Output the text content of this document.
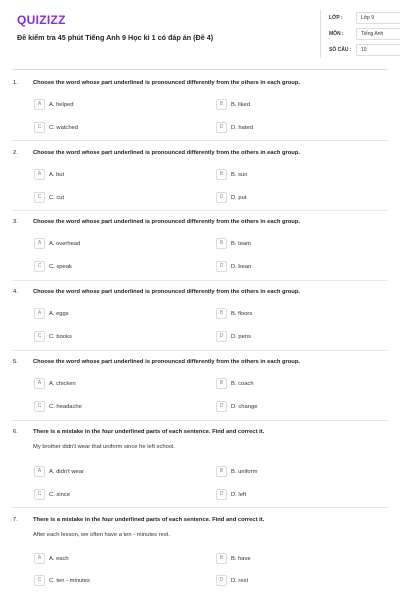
QUIZIZZ
Đề kiểm tra 45 phút Tiếng Anh 9 Học kì 1 có đáp án (Đề 4)
LỚP :	Lớp 9
MÔN :	Tiếng Anh
SỐ CÂU :	10
1.	Choose the word whose part underlined is pronounced differently from the others in each group.
A	A. helped	B	B. liked
C	C. watched	D	D. hated
2.	Choose the word whose part underlined is pronounced differently from the others in each group.
A	A. but	B	B. sun
C	C. cut	D	D. put
3.	Choose the word whose part underlined is pronounced differently from the others in each group.
A	A. overhead	B	B. team
C	C. speak	D	D. bean
4.	Choose the word whose part underlined is pronounced differently from the others in each group.
A	A. eggs	B	B. floors
C	C. books	D	D. pens
5.	Choose the word whose part underlined is pronounced differently from the others in each group.
A	A. chicken	B	B. coach
C	C. headache	D	D. change
6.	There is a mistake in the four underlined parts of each sentence. Find and correct it.
My brother didn't wear that uniform since he left school.
A	A. didn't wear	B	B. uniform
C	C. since	D	D. left
7.	There is a mistake in the four underlined parts of each sentence. Find and correct it.
After each lesson, we often have a ten - minutes rest.
A	A. each	B	B. have
C	C. ten - minutes	D	D. rest
